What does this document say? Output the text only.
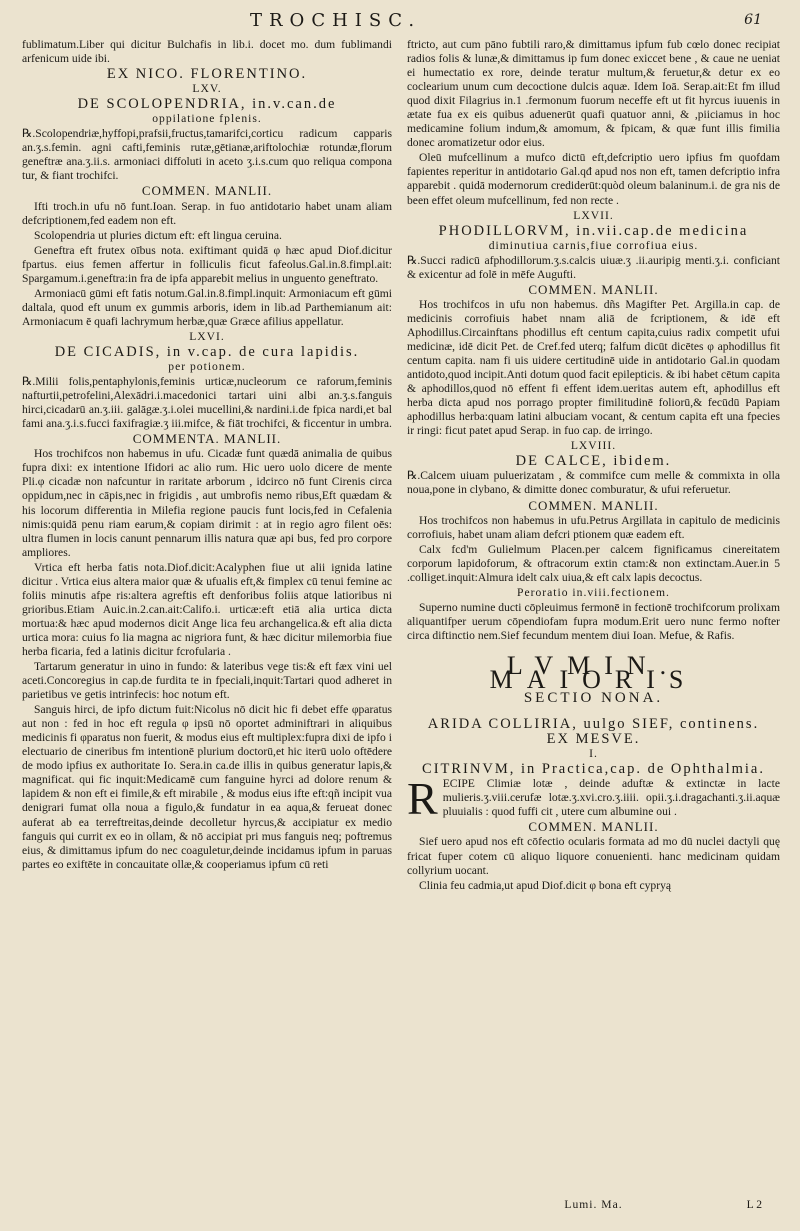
TROCHISC.	61

fublimatum.Liber qui dicitur Bulchafis in lib.i. docet mo. dum fublimandi arfenicum uide ibi.

EX NICO. FLORENTINO.
LXV.
DE SCOLOPENDRIA, in.v.can.de
oppilatione fplenis.

℞.Scolopendriæ,hyffopi,prafsii,fructus,tamarifci,corticu radicum capparis an.ʒ.s.femin. agni cafti,feminis rutæ,gētianæ,ariftolochiæ rotundæ,florum geneftræ ana.ʒ.ii.s. armoniaci diffoluti in aceto ʒ.i.s.cum quo reliqua compona tur, & fiant trochifci.

COMMEN. MANLII.

Ifti troch.in ufu nō funt.Ioan. Serap. in fuo antidotario habet unam aliam defcriptionem,fed eadem non eft.

Scolopendria ut pluries dictum eft: eft lingua ceruina.

Geneftra eft frutex oībus nota. exiftimant quidā φ hæc apud Diof.dicitur fpartus. eius femen affertur in folliculis ficut fafeolus.Gal.in.8.fimpl.ait: Spargamum.i.geneftra:in fra de ipfa apparebit melius in unguento geneftrato.

Armoniacū gūmi eft fatis notum.Gal.in.8.fimpl.inquit: Armoniacum eft gūmi daltala, quod eft unum ex gummis arboris, idem in lib.ad Parthemianum ait: Armoniacum ē quafi lachrymum herbæ,quæ Græce afilius appellatur.

LXVI.
DE CICADIS, in v.cap. de cura lapidis.
per potionem.

℞.Milii folis,pentaphylonis,feminis urticæ,nucleorum ce raforum,feminis nafturtii,petrofelini,Alexādri.i.macedonici tartari uini albi an.ʒ.s.fanguis hirci,cicadarū an.ʒ.iii. galāgæ.ʒ.i.olei mucellini,& nardini.i.de fpica nardi,et bal fami ana.ʒ.i.s.fucci faxifragiæ.ʒ iii.mifce, & fiāt trochifci, & ficcentur in umbra.

COMMENTA. MANLII.

Hos trochifcos non habemus in ufu. Cicadæ funt quædā animalia de quibus fupra dixi: ex intentione Ifidori ac alio rum. Hic uero uolo dicere de mente Pli.φ cicadæ non nafcuntur in raritate arborum , idcirco nō funt Cirenis circa oppidum,nec in cāpis,nec in frigidis , aut umbrofis nemo ribus,Eft quædam & his locorum differentia in Milefia regione paucis funt locis,fed in Cefalenia nimis:quidā penu riam earum,& copiam dirimit : at in regio agro filent oēs: ultra flumen in locis canunt pennarum illis natura quæ api bus, fed pro corpore ampliores.

Vrtica eft herba fatis nota.Diof.dicit:Acalyphen fiue ut alii ignida latine dicitur . Vrtica eius altera maior quæ & ufualis eft,& fimplex cū tenui femine ac foliis minutis afpe ris:altera agreftis eft denforibus foliis atque latioribus ni grioribus.Etiam Auic.in.2.can.ait:Califo.i. urticæ:eft etiā alia urtica dicta mortua:& hæc apud modernos dicit Ange lica feu archangelica.& eft alia dicta urtica mora: cuius fo lia magna ac nigriora funt, & hæc dicitur milemorbia fiue herba ficaria, fed a latinis dicitur fcrofularia .

Tartarum generatur in uino in fundo: & lateribus vege tis:& eft fæx vini uel aceti.Concoregius in cap.de furdita te in fpeciali,inquit:Tartari quod adheret in parietibus ve getis intrinfecis: hoc notum eft.

Sanguis hirci, de ipfo dictum fuit:Nicolus nō dicit hic fi debet effe φparatus aut non : fed in hoc eft regula φ ipsū nō oportet adminiftrari in aliquibus medicinis fi φparatus non fuerit, & modus eius eft multiplex:fupra dixi de ipfo i electuario de cineribus fm intentionē plurium doctorū,et hic iterū uolo oftēdere de modo ipfius ex authoritate Io. Sera.in ca.de illis in quibus generatur lapis,& magnificat. qui fic inquit:Medicamē cum fanguine hyrci ad dolore renum & lapidem & non eft ei fimile,& eft mirabile , & modus eius ifte eft:qñ incipit vua denigrari fumat olla noua a figulo,& fundatur in ea aqua,& ferueat donec auferat ab ea terreftreitas,deinde decolletur hyrcus,& accipiatur ex medio fanguis qui currit ex eo in ollam, & nō accipiat pri mus fanguis neq; poftremus eius, & dimittamus ipfum do nec coaguletur,deinde incidamus ipfum in paruas partes eo exiftēte in concauitate ollæ,& cooperiamus ipfum cū reti

ftricto, aut cum pāno fubtili raro,& dimittamus ipfum fub cœlo donec recipiat radios folis & lunæ,& dimittamus ip fum donec exiccet bene , & caue ne ueniat ei humectatio ex rore, deinde teratur multum,& feruetur,& detur ex eo coclearium unum cum decoctione dulcis aquæ. Idem Ioā. Serap.ait:Et fm illud quod dixit Filagrius in.1 .fermonum fuorum neceffe eft ut fit hyrcus iuuenis in ætate fua ex eis quibus aduenerūt quafi quatuor anni, & ,piiciamus in hoc medicamine folium indum,& amomum, & fpicam, & quæ funt illis fimilia donec aromatizetur odor eius.

Oleū mufcellinum a mufco dictū eft,defcriptio uero ipfius fm quofdam fapientes reperitur in antidotario Gal.qđ apud nos non eft, tamen defcriptio infra apparebit . quidā modernorum crediderūt:quòd oleum balaninum.i. de gra nis de been effet oleum mufcellinum, fed non recte .

LXVII.
PHODILLORVM, in.vii.cap.de medicina
diminutiua carnis,fiue corrofiua eius.

℞.Succi radicū afphodillorum.ʒ.s.calcis uiuæ.ʒ .ii.auripig menti.ʒ.i. conficiant & exicentur ad folē in mēfe Augufti.

COMMEN. MANLII.

Hos trochifcos in ufu non habemus. dñs Magifter Pet. Argilla.in cap. de medicinis corrofiuis habet nnam aliā de fcriptionem, & idē eft Aphodillus.Circainftans phodillus eft centum capita,cuius radix competit ufui medicinæ, idē dicit Pet. de Cref.fed uterq; falfum dicūt dicētes φ aphodillus fit centum capita. nam fi uis uidere certitudinē uide in antidotario Gal.in quodam antidoto,quod incipit.Anti dotum quod facit epilepticis. & ibi habet cētum capita & aphodillos,quod nō effent fi effent idem.ueritas autem eft, aphodillus eft herba dicta apud nos porrago propter fimilitudinē foliorū,& fecūdū Papiam aphodillus herba:quam latini albuciam vocant, & centum capita eft una fpecies ir ringi: ficut patet apud Serap. in fuo cap. de irringo.

LXVIII.
DE CALCE, ibidem.

℞.Calcem uiuam puluerizatam , & commifce cum melle & commixta in olla noua,pone in clybano, & dimitte donec comburatur, & ufui referuetur.

COMMEN. MANLII.

Hos trochifcos non habemus in ufu.Petrus Argillata in capitulo de medicinis corrofiuis, habet unam aliam defcri ptionem quæ eadem eft.

Calx fcd'm Gulielmum Placen.per calcem fignificamus cinereitatem corporum lapidoforum, & oftracorum extin ctam:& non extinctam.Auer.in 5 .colliget.inquit:Almura idelt calx uiua,& eft calx lapis decoctus.

Peroratio in.viii.fectionem.

Superno numine ducti cōpleuimus fermonē in fectionē trochifcorum prolixam aliquantifper uerum cōpendiofam fupra modum.Erit uero nunc fermo nofter circa diftinctio nem.Sief fecundum mentem diui Ioan. Mefue, & Rafis.

LVMIN. MAIORIS
SECTIO NONA.
ARIDA COLLIRIA, uulgo SIEF, continens.
EX MESVE.
I.
CITRINVM, in Practica,cap. de Ophthalmia.

RECIPE Climiæ lotæ , deinde aduftæ & extinctæ in lacte mulieris.ʒ.viii.cerufæ lotæ.ʒ.xvi.cro.ʒ.iiii. opii.ʒ.i.dragachanti.ʒ.ii.aquæ pluuialis : quod fuffi cit , utere cum albumine oui .

COMMEN. MANLII.

Sief uero apud nos eft cōfectio ocularis formata ad mo dū nuclei dactyli quę fricat fuper cotem cū aliquo liquore conuenienti. hanc medicinam quidam collyrium uocant.

Clinia feu cadmia,ut apud Diof.dicit φ bona eft cypryą

Lumi. Ma.	L 2
